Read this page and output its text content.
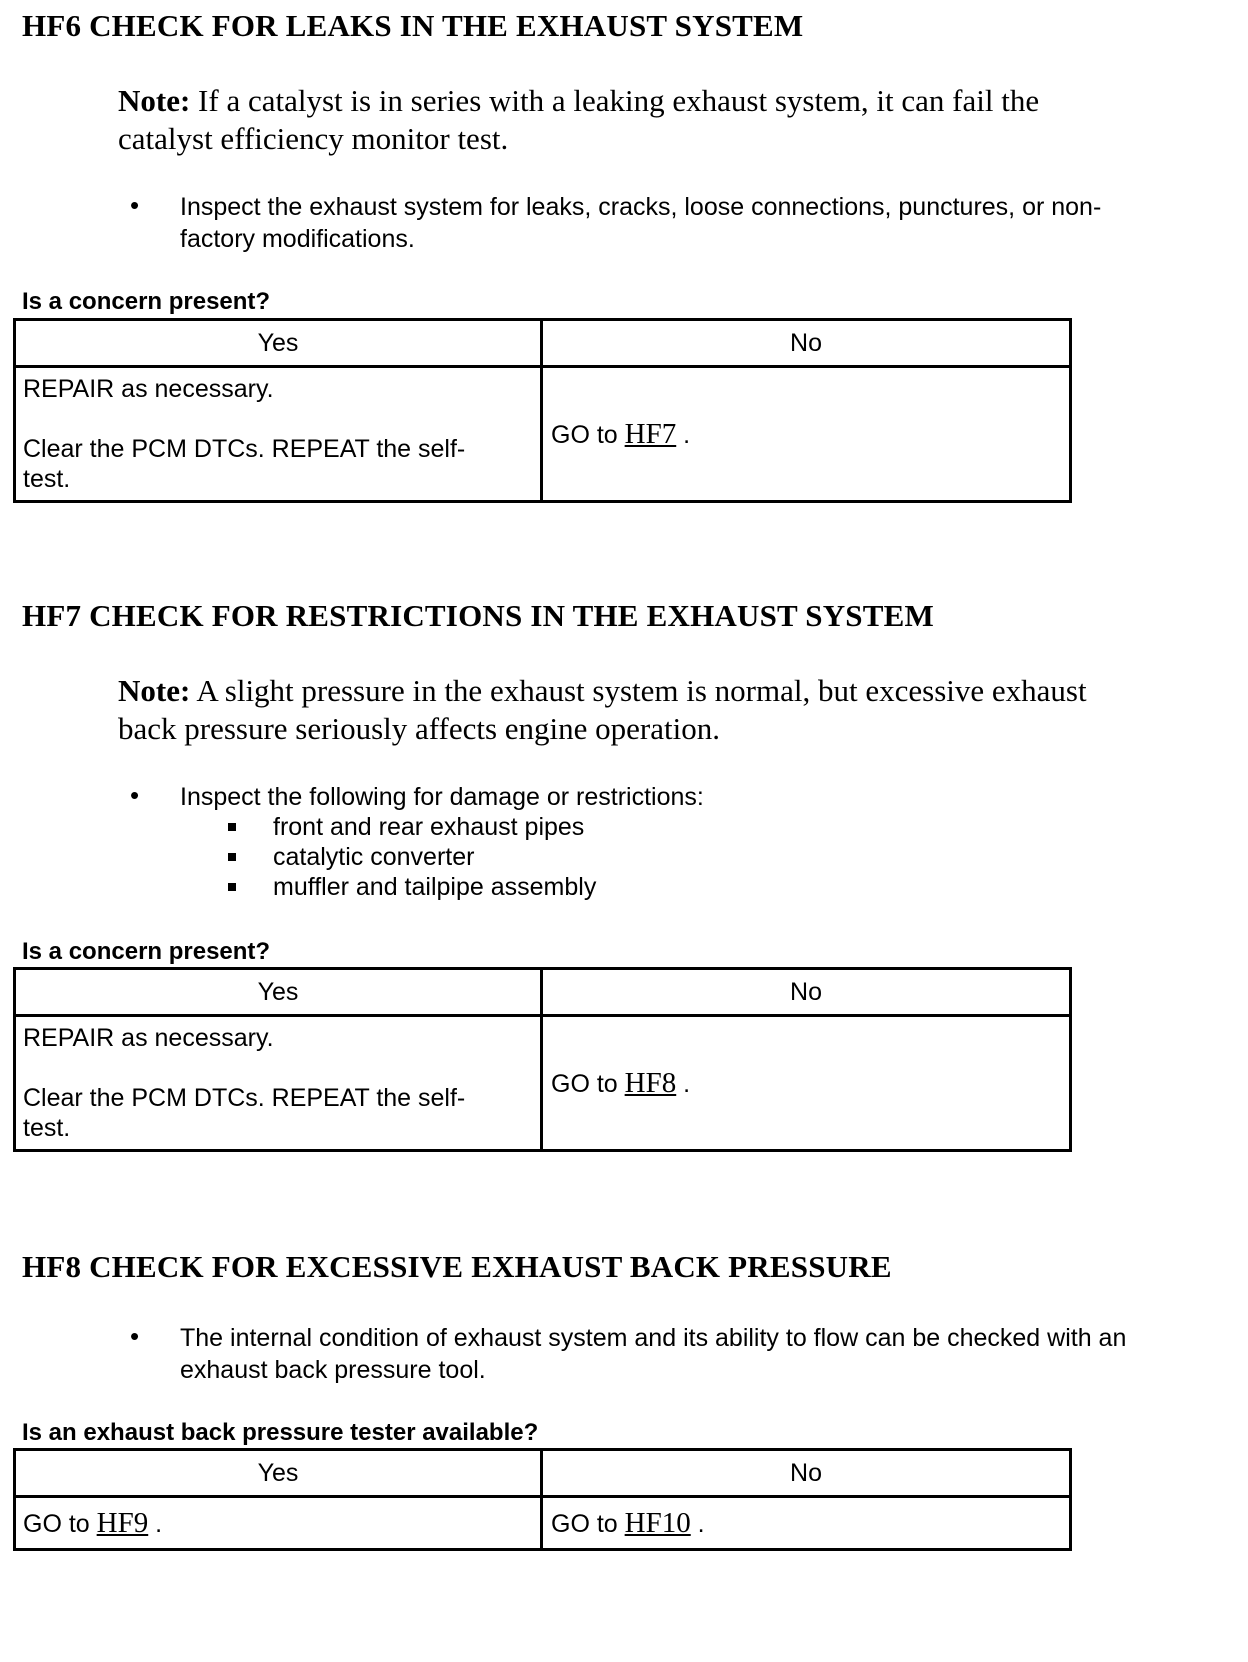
HF6 CHECK FOR LEAKS IN THE EXHAUST SYSTEM
Note: If a catalyst is in series with a leaking exhaust system, it can fail the catalyst efficiency monitor test.
• Inspect the exhaust system for leaks, cracks, loose connections, punctures, or non-factory modifications.
Is a concern present?
Yes	No

REPAIR as necessary.
Clear the PCM DTCs. REPEAT the self-test.	GO to HF7 .
HF7 CHECK FOR RESTRICTIONS IN THE EXHAUST SYSTEM
Note: A slight pressure in the exhaust system is normal, but excessive exhaust back pressure seriously affects engine operation.
• Inspect the following for damage or restrictions:
front and rear exhaust pipes
catalytic converter
muffler and tailpipe assembly
Is a concern present?
Yes	No

REPAIR as necessary.
Clear the PCM DTCs. REPEAT the self-test.	GO to HF8 .
HF8 CHECK FOR EXCESSIVE EXHAUST BACK PRESSURE
• The internal condition of exhaust system and its ability to flow can be checked with an exhaust back pressure tool.
Is an exhaust back pressure tester available?
Yes	No
GO to HF9 .	GO to HF10 .
